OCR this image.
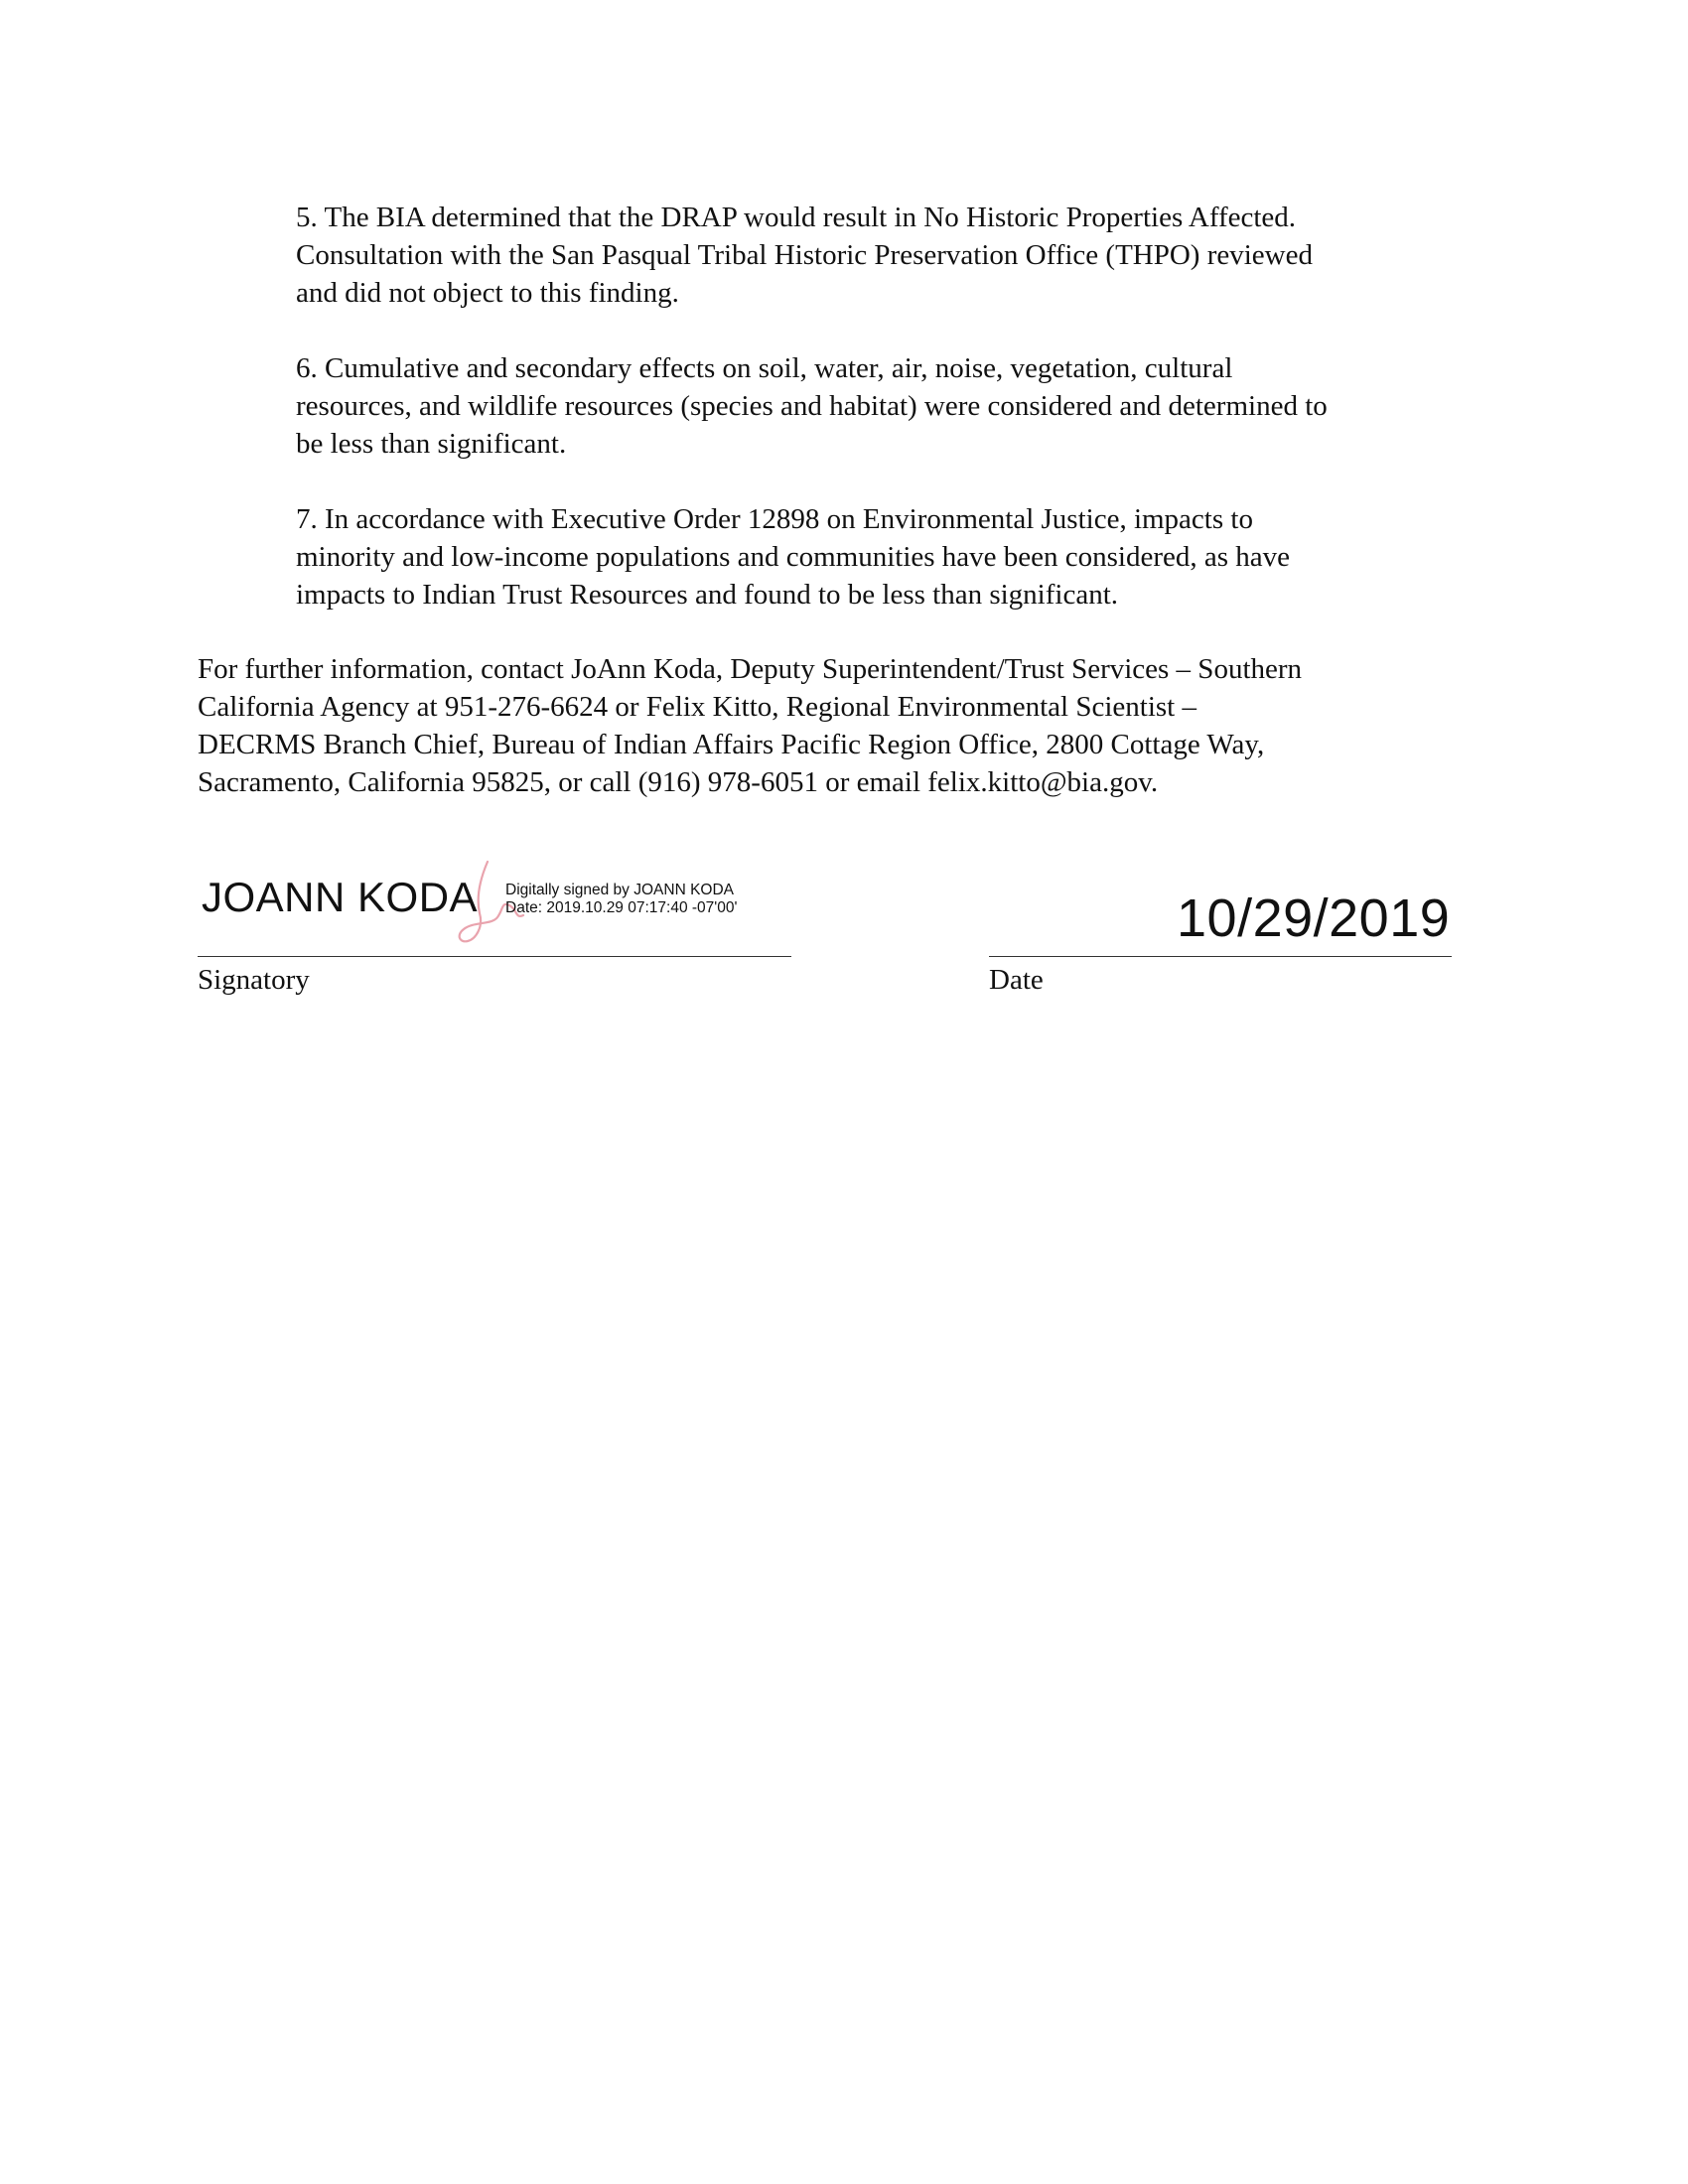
5. The BIA determined that the DRAP would result in No Historic Properties Affected.
Consultation with the San Pasqual Tribal Historic Preservation Office (THPO) reviewed
and did not object to this finding.

6. Cumulative and secondary effects on soil, water, air, noise, vegetation, cultural
resources, and wildlife resources (species and habitat) were considered and determined to
be less than significant.

7. In accordance with Executive Order 12898 on Environmental Justice, impacts to
minority and low-income populations and communities have been considered, as have
impacts to Indian Trust Resources and found to be less than significant.

For further information, contact JoAnn Koda, Deputy Superintendent/Trust Services – Southern
California Agency at 951-276-6624 or Felix Kitto, Regional Environmental Scientist –
DECRMS Branch Chief, Bureau of Indian Affairs Pacific Region Office, 2800 Cottage Way,
Sacramento, California 95825, or call (916) 978-6051 or email felix.kitto@bia.gov.

JOANN KODA Digitally signed by JOANN KODA
Date: 2019.10.29 07:17:40 -07'00'
Signatory
10/29/2019
Date
